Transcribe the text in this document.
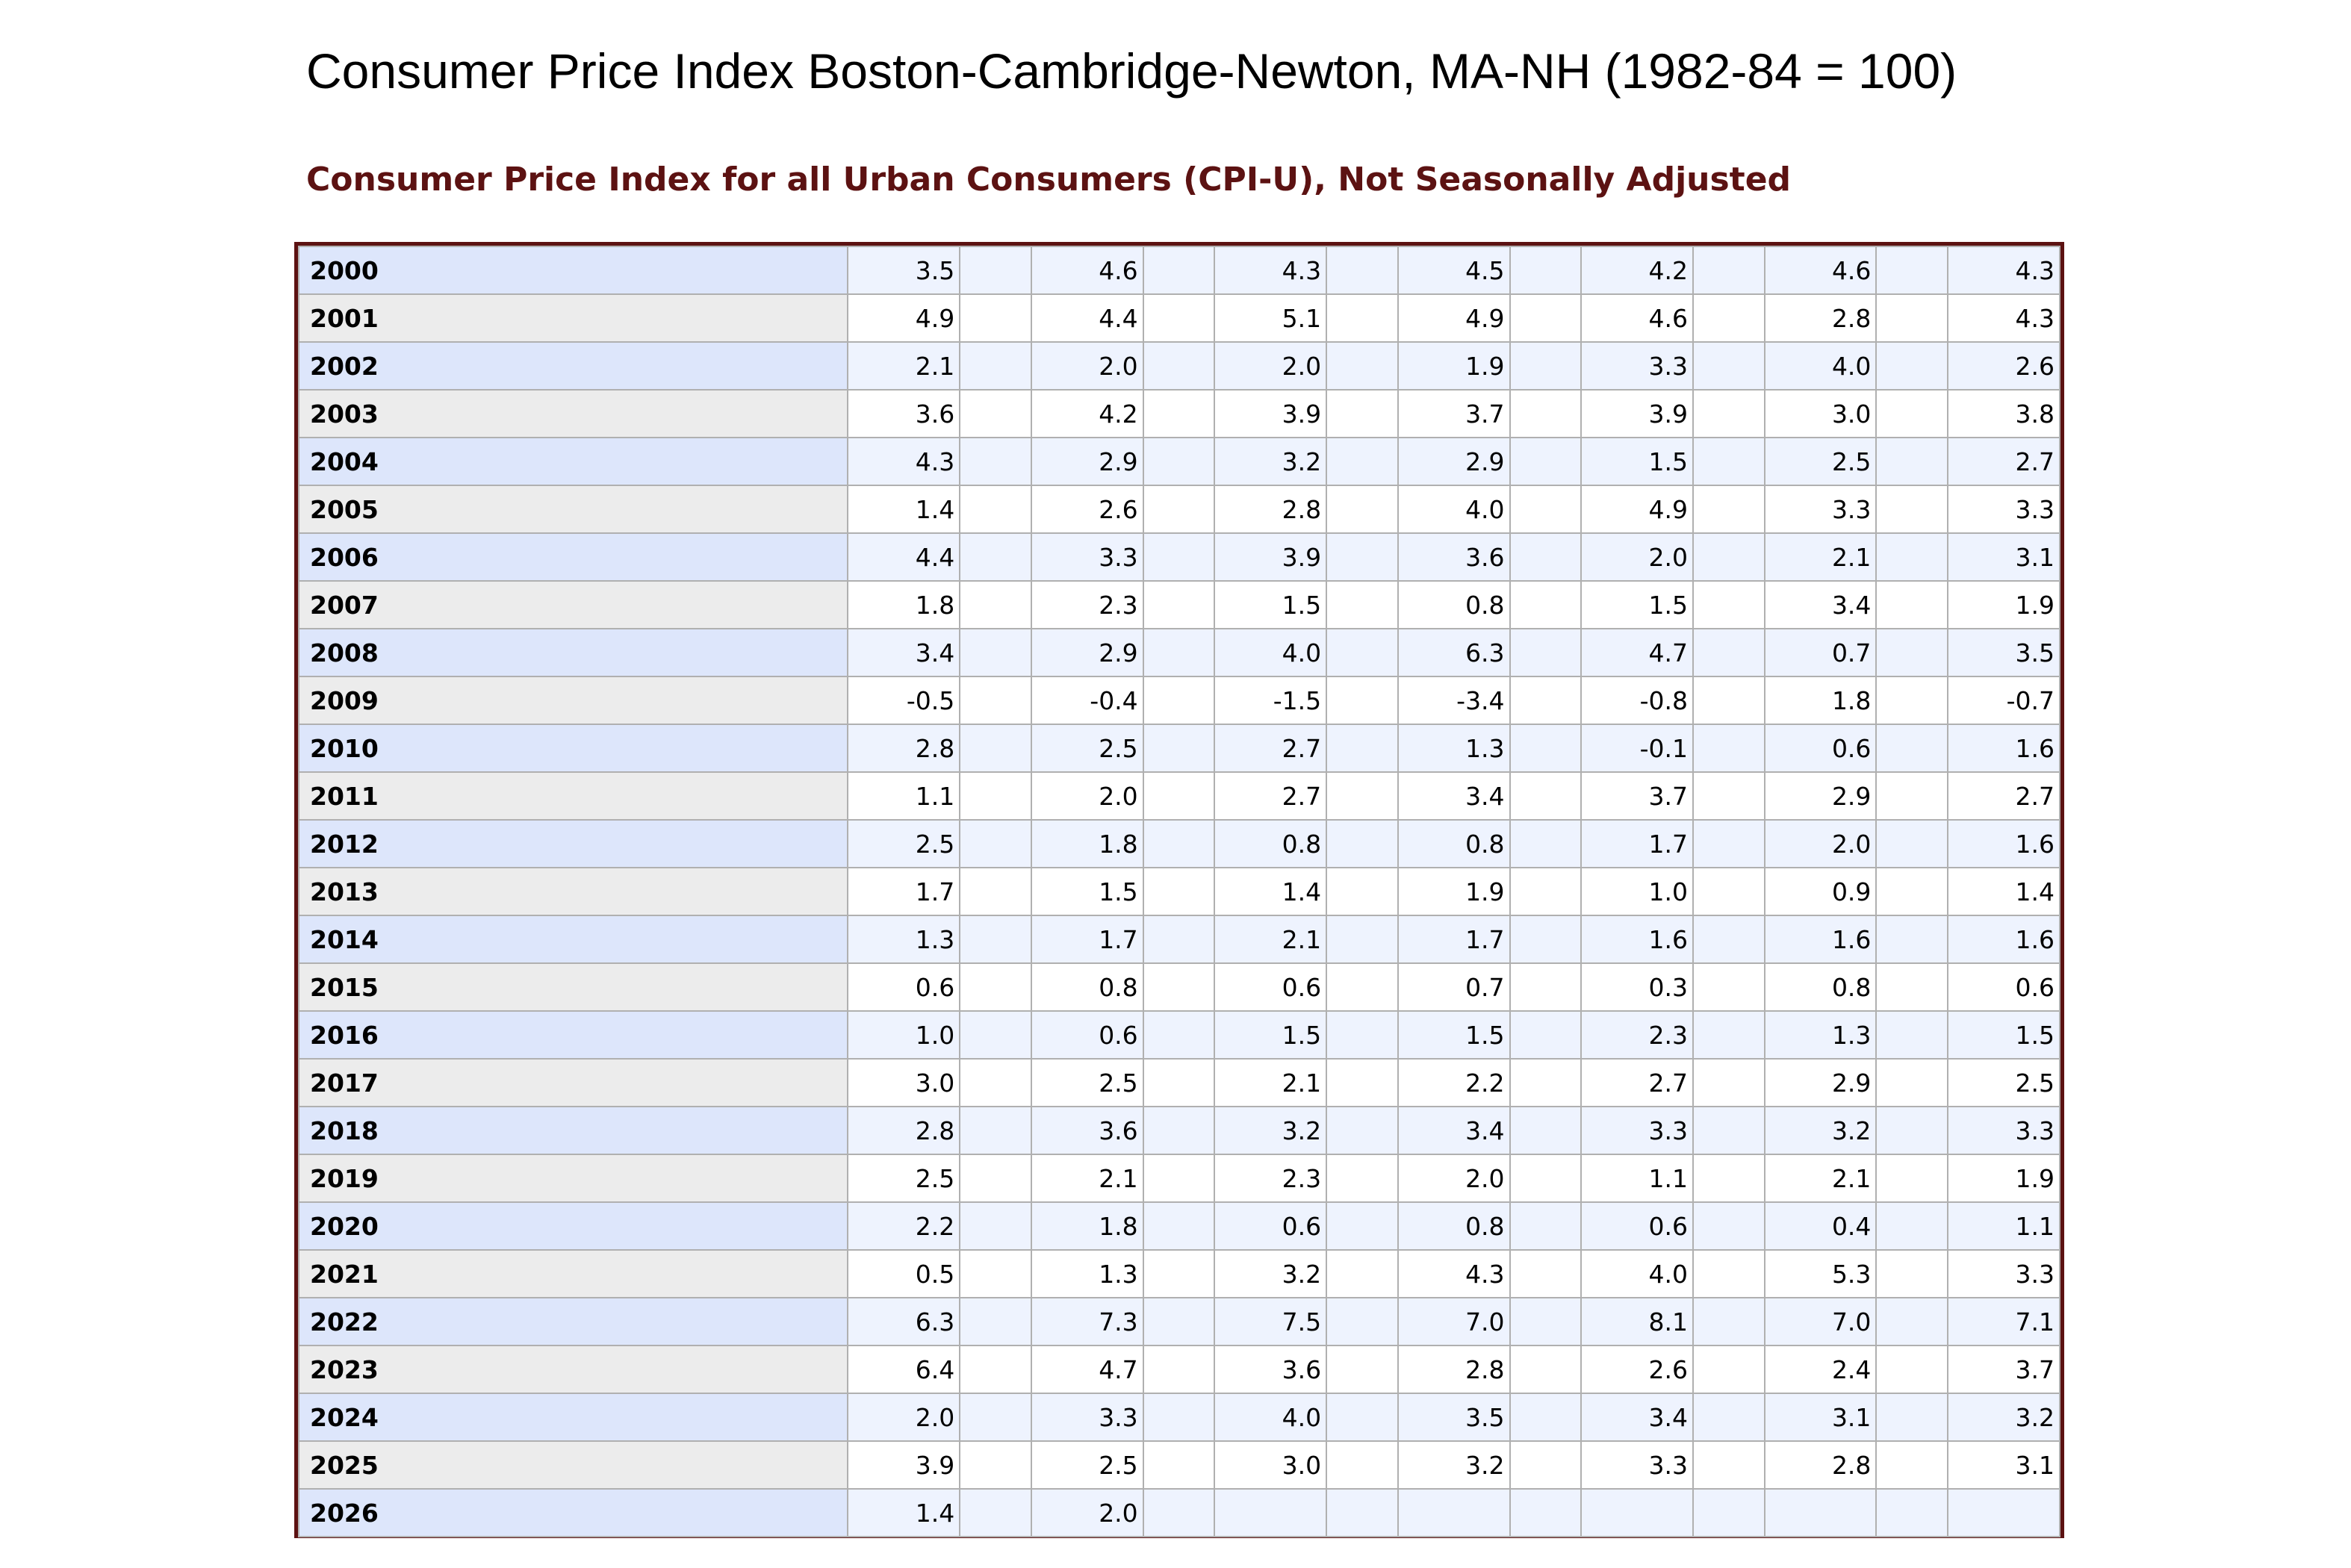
Consumer Price Index Boston-Cambridge-Newton, MA-NH (1982-84 = 100)
Consumer Price Index for all Urban Consumers (CPI-U), Not Seasonally Adjusted
2000	3.5		4.6		4.3		4.5		4.2		4.6		4.3
2001	4.9		4.4		5.1		4.9		4.6		2.8		4.3
2002	2.1		2.0		2.0		1.9		3.3		4.0		2.6
2003	3.6		4.2		3.9		3.7		3.9		3.0		3.8
2004	4.3		2.9		3.2		2.9		1.5		2.5		2.7
2005	1.4		2.6		2.8		4.0		4.9		3.3		3.3
2006	4.4		3.3		3.9		3.6		2.0		2.1		3.1
2007	1.8		2.3		1.5		0.8		1.5		3.4		1.9
2008	3.4		2.9		4.0		6.3		4.7		0.7		3.5
2009	-0.5		-0.4		-1.5		-3.4		-0.8		1.8		-0.7
2010	2.8		2.5		2.7		1.3		-0.1		0.6		1.6
2011	1.1		2.0		2.7		3.4		3.7		2.9		2.7
2012	2.5		1.8		0.8		0.8		1.7		2.0		1.6
2013	1.7		1.5		1.4		1.9		1.0		0.9		1.4
2014	1.3		1.7		2.1		1.7		1.6		1.6		1.6
2015	0.6		0.8		0.6		0.7		0.3		0.8		0.6
2016	1.0		0.6		1.5		1.5		2.3		1.3		1.5
2017	3.0		2.5		2.1		2.2		2.7		2.9		2.5
2018	2.8		3.6		3.2		3.4		3.3		3.2		3.3
2019	2.5		2.1		2.3		2.0		1.1		2.1		1.9
2020	2.2		1.8		0.6		0.8		0.6		0.4		1.1
2021	0.5		1.3		3.2		4.3		4.0		5.3		3.3
2022	6.3		7.3		7.5		7.0		8.1		7.0		7.1
2023	6.4		4.7		3.6		2.8		2.6		2.4		3.7
2024	2.0		3.3		4.0		3.5		3.4		3.1		3.2
2025	3.9		2.5		3.0		3.2		3.3		2.8		3.1
2026	1.4		2.0										
